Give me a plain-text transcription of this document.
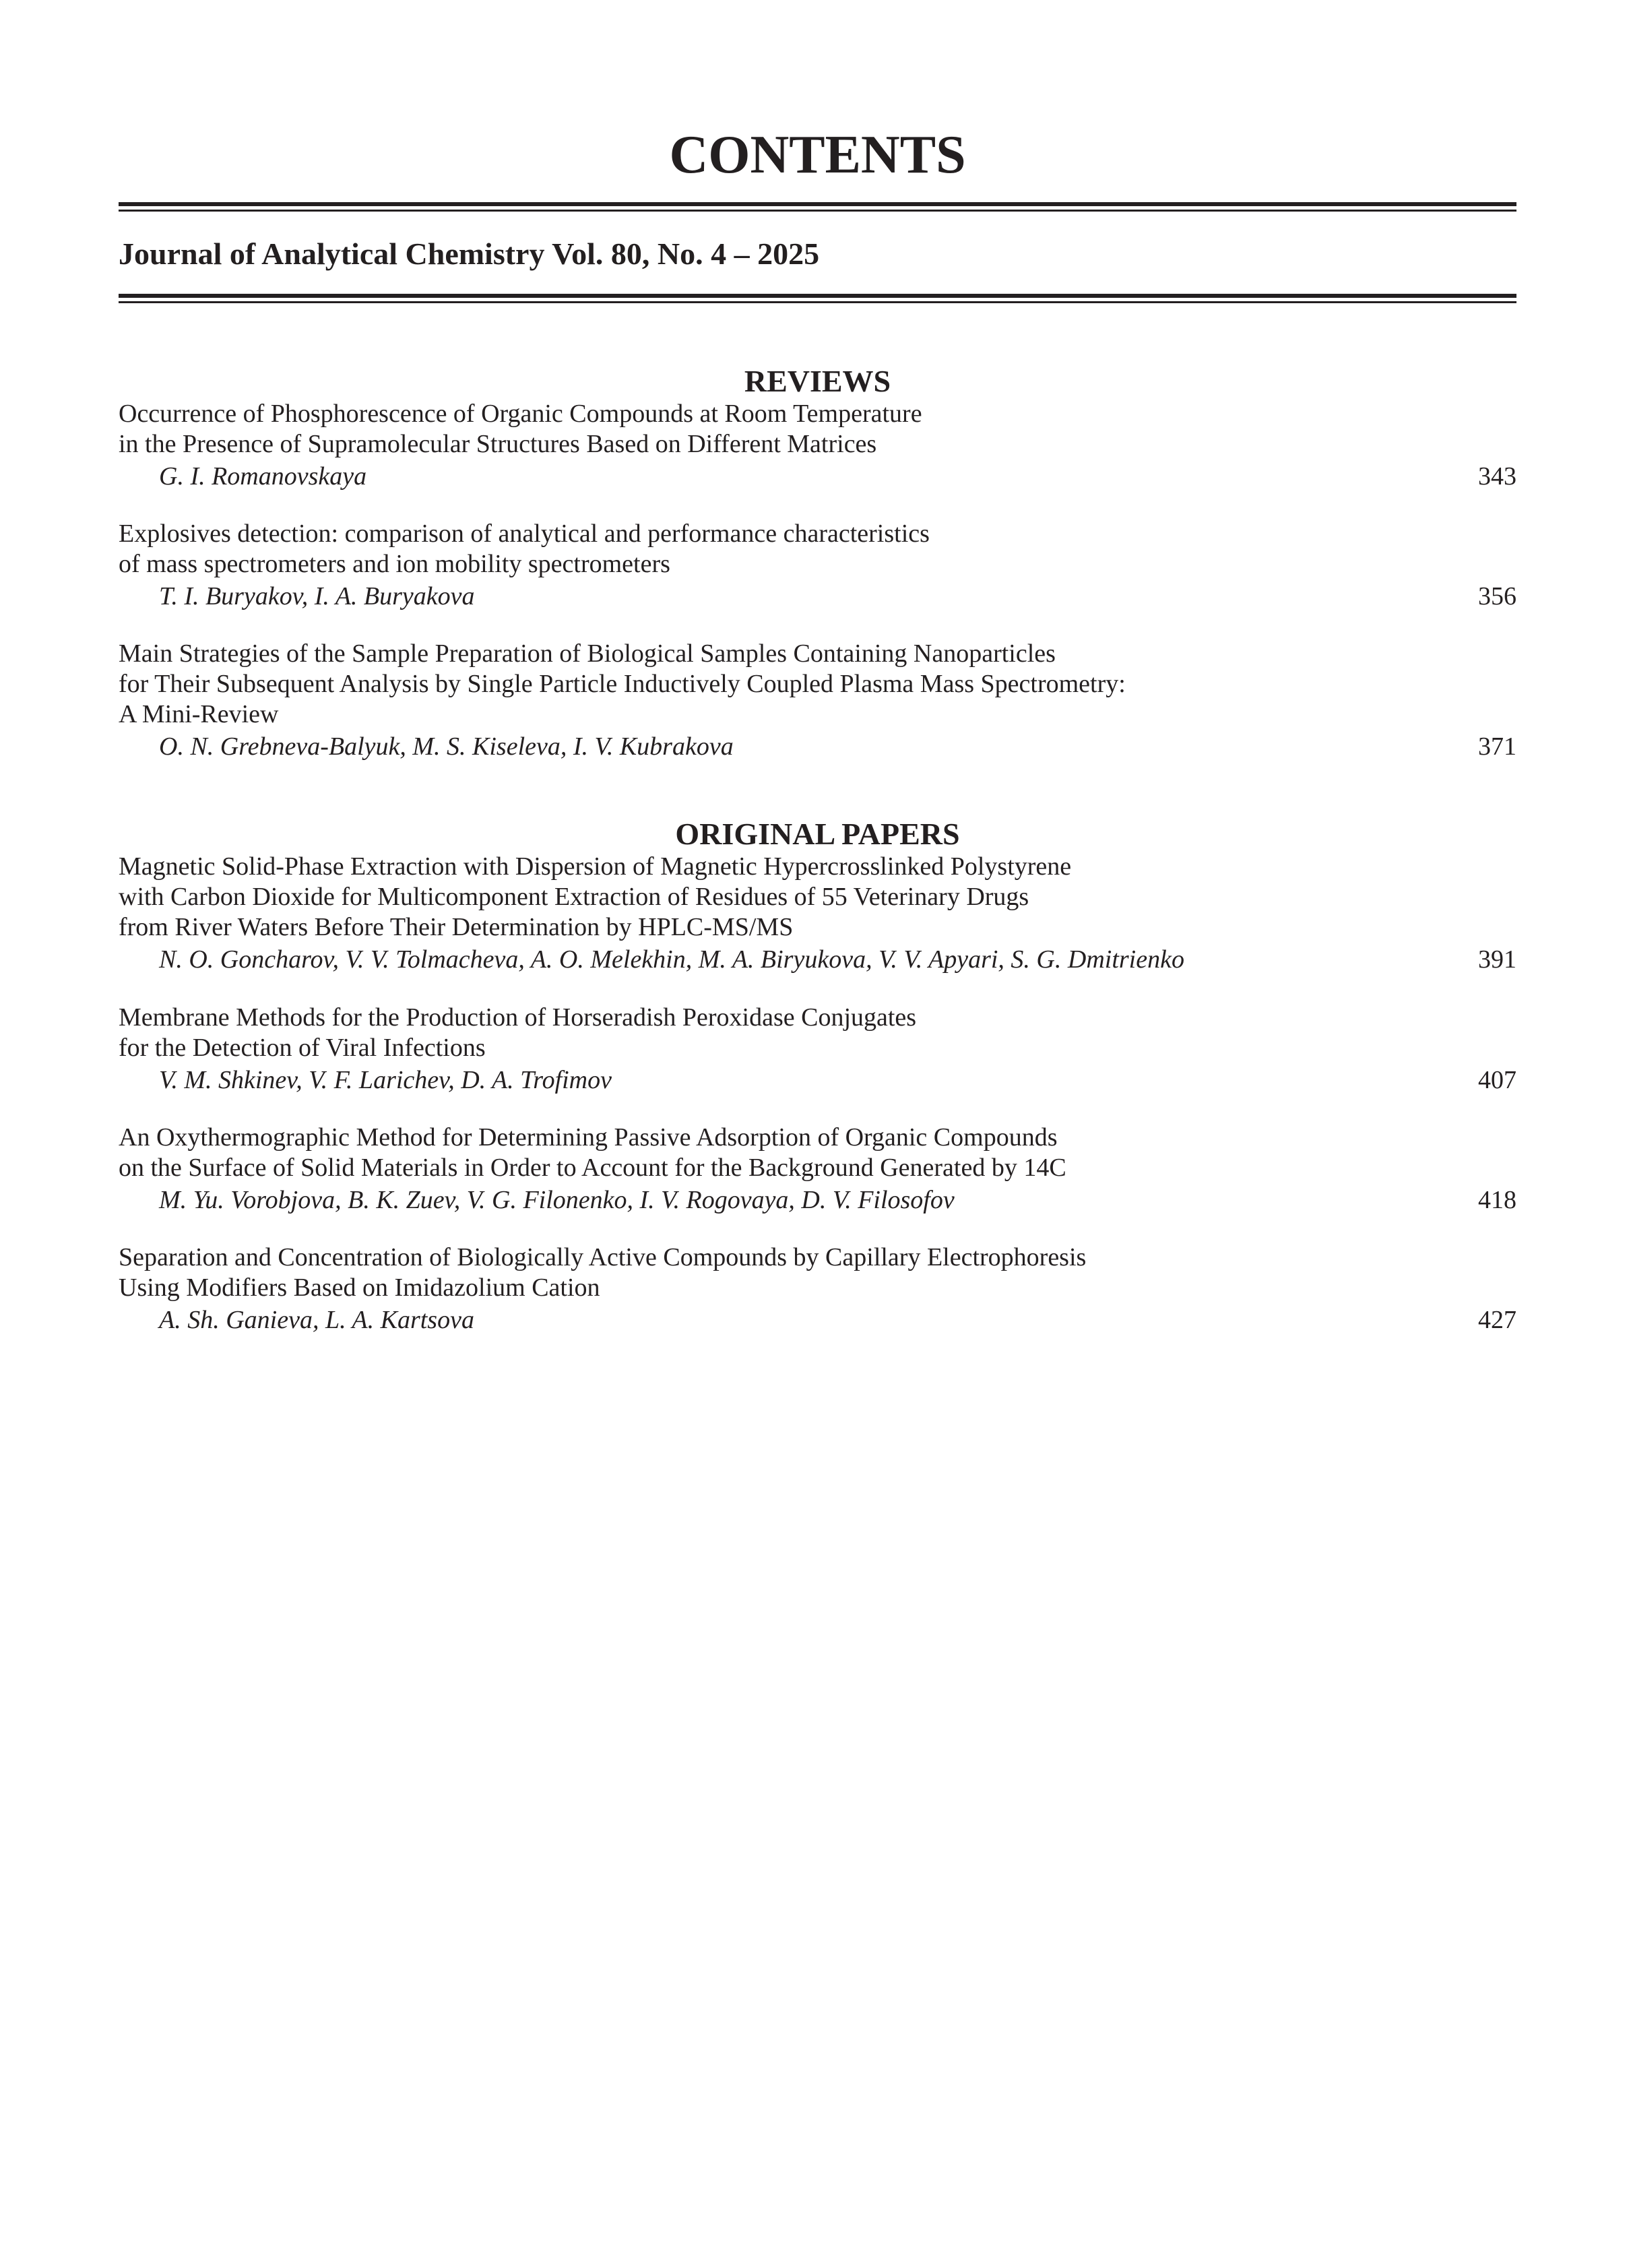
CONTENTS
Journal of Analytical Chemistry Vol. 80, No. 4 – 2025
REVIEWS
Occurrence of Phosphorescence of Organic Compounds at Room Temperature
in the Presence of Supramolecular Structures Based on Different Matrices
G. I. Romanovskaya	343
Explosives detection: comparison of analytical and performance characteristics
of mass spectrometers and ion mobility spectrometers
T. I. Buryakov, I. A. Buryakova	356
Main Strategies of the Sample Preparation of Biological Samples Containing Nanoparticles
for Their Subsequent Analysis by Single Particle Inductively Coupled Plasma Mass Spectrometry:
A Mini-Review
O. N. Grebneva-Balyuk, M. S. Kiseleva, I. V. Kubrakova	371
ORIGINAL PAPERS
Magnetic Solid-Phase Extraction with Dispersion of Magnetic Hypercrosslinked Polystyrene
with Carbon Dioxide for Multicomponent Extraction of Residues of 55 Veterinary Drugs
from River Waters Before Their Determination by HPLC-MS/MS
N. O. Goncharov, V. V. Tolmacheva, A. O. Melekhin, M. A. Biryukova, V. V. Apyari, S. G. Dmitrienko	391
Membrane Methods for the Production of Horseradish Peroxidase Conjugates
for the Detection of Viral Infections
V. M. Shkinev, V. F. Larichev, D. A. Trofimov	407
An Oxythermographic Method for Determining Passive Adsorption of Organic Compounds
on the Surface of Solid Materials in Order to Account for the Background Generated by 14C
M. Yu. Vorobjova, B. K. Zuev, V. G. Filonenko, I. V. Rogovaya, D. V. Filosofov	418
Separation and Concentration of Biologically Active Compounds by Capillary Electrophoresis
Using Modifiers Based on Imidazolium Cation
A. Sh. Ganieva, L. A. Kartsova	427
